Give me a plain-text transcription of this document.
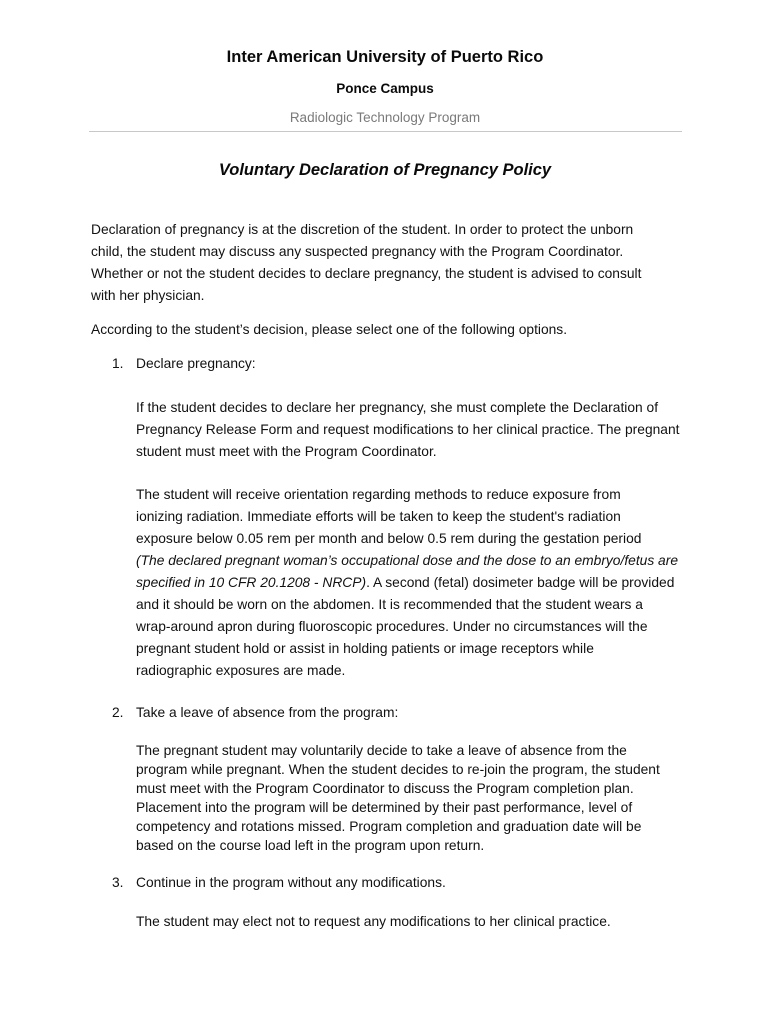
Inter American University of Puerto Rico
Ponce Campus
Radiologic Technology Program
Voluntary Declaration of Pregnancy Policy
Declaration of pregnancy is at the discretion of the student. In order to protect the unborn
child, the student may discuss any suspected pregnancy with the Program Coordinator.
Whether or not the student decides to declare pregnancy, the student is advised to consult
with her physician.
According to the student’s decision, please select one of the following options.
1. Declare pregnancy:
If the student decides to declare her pregnancy, she must complete the Declaration of
Pregnancy Release Form and request modifications to her clinical practice. The pregnant
student must meet with the Program Coordinator.
The student will receive orientation regarding methods to reduce exposure from
ionizing radiation. Immediate efforts will be taken to keep the student's radiation
exposure below 0.05 rem per month and below 0.5 rem during the gestation period
(The declared pregnant woman’s occupational dose and the dose to an embryo/fetus are
specified in 10 CFR 20.1208 - NRCP). A second (fetal) dosimeter badge will be provided
and it should be worn on the abdomen. It is recommended that the student wears a
wrap-around apron during fluoroscopic procedures. Under no circumstances will the
pregnant student hold or assist in holding patients or image receptors while
radiographic exposures are made.
2. Take a leave of absence from the program:
The pregnant student may voluntarily decide to take a leave of absence from the
program while pregnant. When the student decides to re-join the program, the student
must meet with the Program Coordinator to discuss the Program completion plan.
Placement into the program will be determined by their past performance, level of
competency and rotations missed. Program completion and graduation date will be
based on the course load left in the program upon return.
3. Continue in the program without any modifications.
The student may elect not to request any modifications to her clinical practice.
